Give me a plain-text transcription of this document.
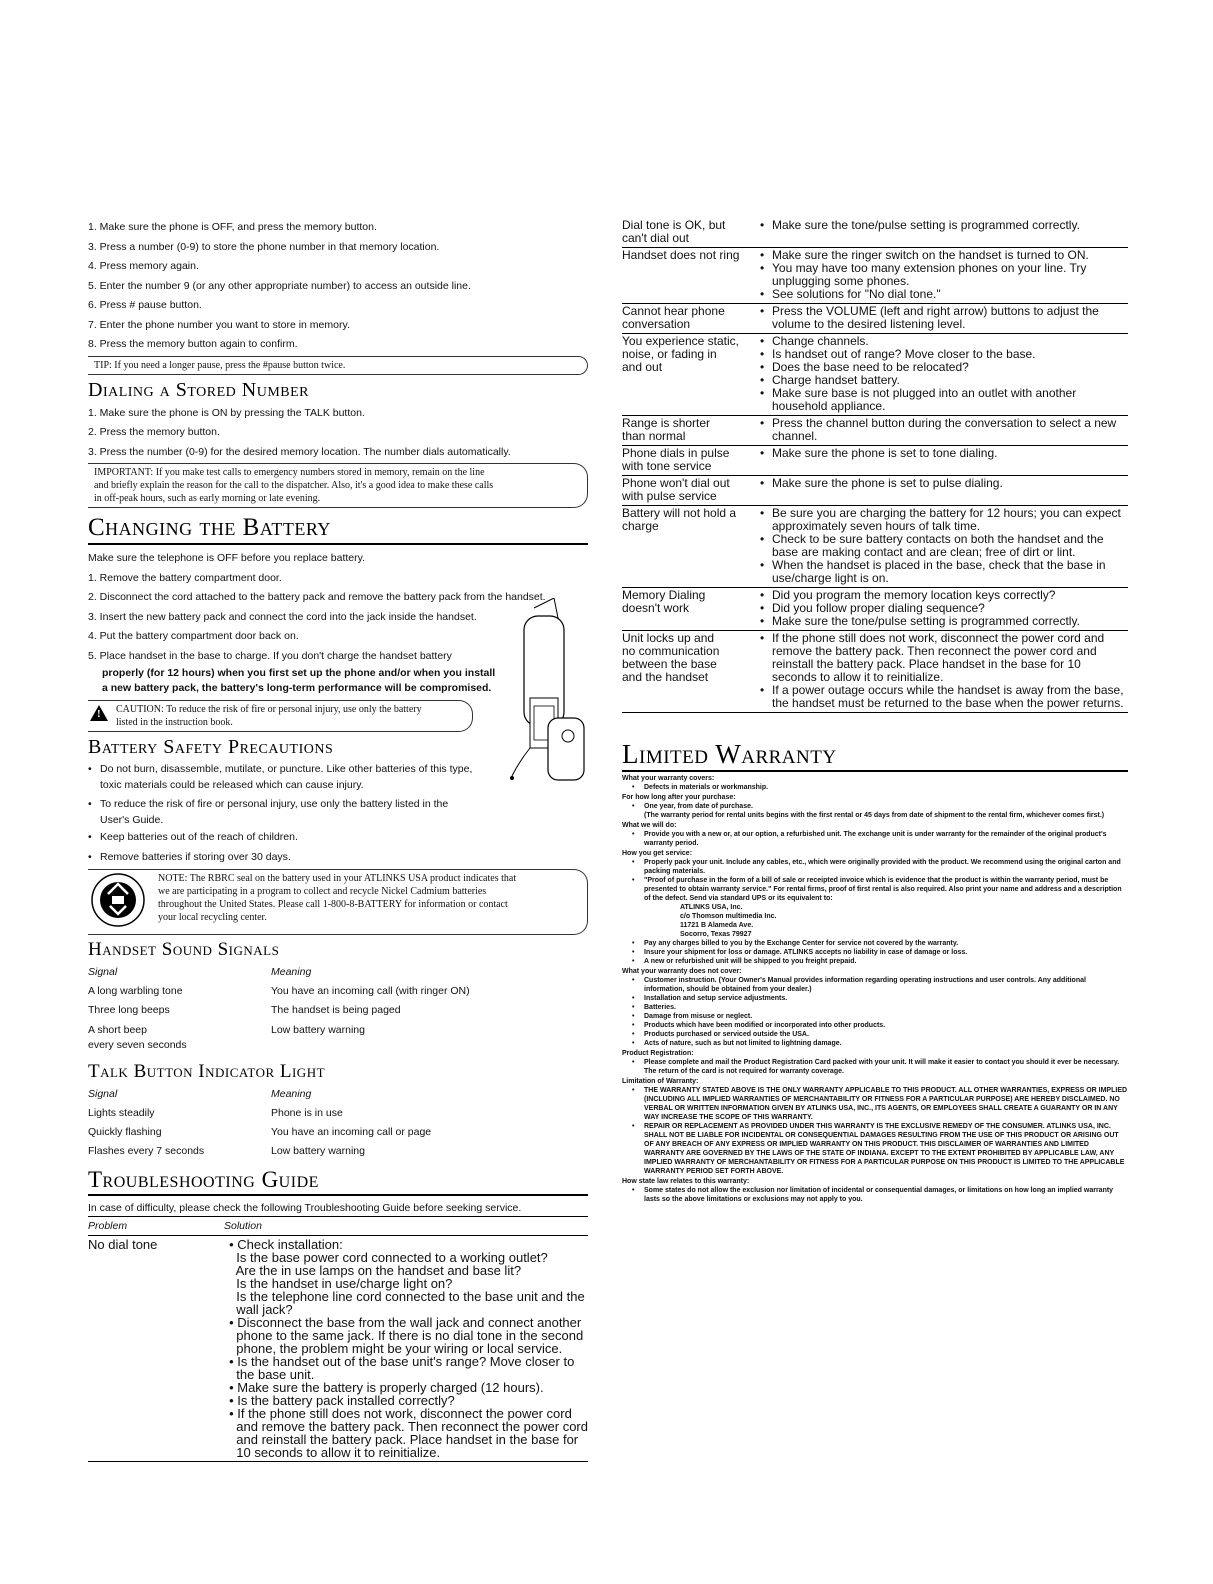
1. Make sure the phone is OFF, and press the memory button.
3. Press a number (0-9) to store the phone number in that memory location.
4. Press memory again.
5. Enter the number 9 (or any other appropriate number) to access an outside line.
6. Press # pause button.
7. Enter the phone number you want to store in memory.
8. Press the memory button again to confirm.
TIP: If you need a longer pause, press the #pause button twice.
Dialing a Stored Number
1. Make sure the phone is ON by pressing the TALK button.
2. Press the memory button.
3. Press the number (0-9) for the desired memory location. The number dials automatically.
IMPORTANT: If you make test calls to emergency numbers stored in memory, remain on the line
and briefly explain the reason for the call to the dispatcher. Also, it's a good idea to make these calls
in off-peak hours, such as early morning or late evening.
Changing the Battery
Make sure the telephone is OFF before you replace battery.
1. Remove the battery compartment door.
2. Disconnect the cord attached to the battery pack and remove the battery pack from the handset.
3. Insert the new battery pack and connect the cord into the jack inside the handset.
4. Put the battery compartment door back on.
5. Place handset in the base to charge. If you don't charge the handset battery
properly (for 12 hours) when you first set up the phone and/or when you install
a new battery pack, the battery's long-term performance will be compromised.
!
CAUTION: To reduce the risk of fire or personal injury, use only the battery
listed in the instruction book.
Battery Safety Precautions
• Do not burn, disassemble, mutilate, or puncture. Like other batteries of this type,
toxic materials could be released which can cause injury.
• To reduce the risk of fire or personal injury, use only the battery listed in the
User's Guide.
• Keep batteries out of the reach of children.
• Remove batteries if storing over 30 days.
NOTE: The RBRC seal on the battery used in your ATLINKS USA product indicates that
we are participating in a program to collect and recycle Nickel Cadmium batteries
throughout the United States. Please call 1-800-8-BATTERY for information or contact
your local recycling center.
Handset Sound Signals
Signal	Meaning
A long warbling tone	You have an incoming call (with ringer ON)
Three long beeps	The handset is being paged
A short beep	Low battery warning
every seven seconds
Talk Button Indicator Light
Signal	Meaning
Lights steadily	Phone is in use
Quickly flashing	You have an incoming call or page
Flashes every 7 seconds	Low battery warning
Troubleshooting Guide
In case of difficulty, please check the following Troubleshooting Guide before seeking service.
Problem	Solution
No dial tone	• Check installation:
Is the base power cord connected to a working outlet?
Are the in use lamps on the handset and base lit?
Is the handset in use/charge light on?
Is the telephone line cord connected to the base unit and the
wall jack?
• Disconnect the base from the wall jack and connect another
phone to the same jack. If there is no dial tone in the second
phone, the problem might be your wiring or local service.
• Is the handset out of the base unit's range? Move closer to
the base unit.
• Make sure the battery is properly charged (12 hours).
• Is the battery pack installed correctly?
• If the phone still does not work, disconnect the power cord
and remove the battery pack. Then reconnect the power cord
and reinstall the battery pack. Place handset in the base for
10 seconds to allow it to reinitialize.
Dial tone is OK, but
can't dial out
• Make sure the tone/pulse setting is programmed correctly.
Handset does not ring
•	Make sure the ringer switch on the handset is turned to ON.
• You may have too many extension phones on your line. Try unplugging some phones.
• See solutions for "No dial tone."
Cannot hear phone
conversation
• Press the VOLUME (left and right arrow) buttons to adjust the volume to the desired listening level.
You experience static,
noise, or fading in
and out
• Change channels.
• Is handset out of range? Move closer to the base.
• Does the base need to be relocated?
• Charge handset battery.
• Make sure base is not plugged into an outlet with another household appliance.
Range is shorter
than normal
• Press the channel button during the conversation to select a new channel.
Phone dials in pulse
with tone service
• Make sure the phone is set to tone dialing.
Phone won't dial out
with pulse service
• Make sure the phone is set to pulse dialing.
Battery will not hold a
charge
• Be sure you are charging the battery for 12 hours; you can expect approximately seven hours of talk time.
• Check to be sure battery contacts on both the handset and the base are making contact and are clean; free of dirt or lint.
• When the handset is placed in the base, check that the base in use/charge light is on.
Memory Dialing
doesn't work
• Did you program the memory location keys correctly?
• Did you follow proper dialing sequence?
• Make sure the tone/pulse setting is programmed correctly.
Unit locks up and
no communication
between the base
and the handset
• If the phone still does not work, disconnect the power cord and remove the battery pack. Then reconnect the power cord and reinstall the battery pack. Place handset in the base for 10 seconds to allow it to reinitialize.
• If a power outage occurs while the handset is away from the base, the handset must be returned to the base when the power returns.
Limited Warranty
What your warranty covers:
• Defects in materials or workmanship.
For how long after your purchase:
• One year, from date of purchase.
(The warranty period for rental units begins with the first rental or 45 days from date of shipment to the rental firm, whichever comes first.)
What we will do:
• Provide you with a new or, at our option, a refurbished unit. The exchange unit is under warranty for the remainder of the original product's warranty period.
How you get service:
• Properly pack your unit. Include any cables, etc., which were originally provided with the product. We recommend using the original carton and packing materials.
• "Proof of purchase in the form of a bill of sale or receipted invoice which is evidence that the product is within the warranty period, must be presented to obtain warranty service." For rental firms, proof of first rental is also required. Also print your name and address and a description of the defect. Send via standard UPS or its equivalent to:
ATLINKS USA, Inc.
c/o Thomson multimedia Inc.
11721 B Alameda Ave.
Socorro, Texas 79927
• Pay any charges billed to you by the Exchange Center for service not covered by the warranty.
• Insure your shipment for loss or damage. ATLINKS accepts no liability in case of damage or loss.
• A new or refurbished unit will be shipped to you freight prepaid.
What your warranty does not cover:
• Customer instruction. (Your Owner's Manual provides information regarding operating instructions and user controls. Any additional information, should be obtained from your dealer.)
• Installation and setup service adjustments.
• Batteries.
• Damage from misuse or neglect.
• Products which have been modified or incorporated into other products.
• Products purchased or serviced outside the USA.
• Acts of nature, such as but not limited to lightning damage.
Product Registration:
• Please complete and mail the Product Registration Card packed with your unit. It will make it easier to contact you should it ever be necessary. The return of the card is not required for warranty coverage.
Limitation of Warranty:
• THE WARRANTY STATED ABOVE IS THE ONLY WARRANTY APPLICABLE TO THIS PRODUCT. ALL OTHER WARRANTIES, EXPRESS OR IMPLIED (INCLUDING ALL IMPLIED WARRANTIES OF MERCHANTABILITY OR FITNESS FOR A PARTICULAR PURPOSE) ARE HEREBY DISCLAIMED. NO VERBAL OR WRITTEN INFORMATION GIVEN BY ATLINKS USA, INC., ITS AGENTS, OR EMPLOYEES SHALL CREATE A GUARANTY OR IN ANY WAY INCREASE THE SCOPE OF THIS WARRANTY.
• REPAIR OR REPLACEMENT AS PROVIDED UNDER THIS WARRANTY IS THE EXCLUSIVE REMEDY OF THE CONSUMER. ATLINKS USA, INC. SHALL NOT BE LIABLE FOR INCIDENTAL OR CONSEQUENTIAL DAMAGES RESULTING FROM THE USE OF THIS PRODUCT OR ARISING OUT OF ANY BREACH OF ANY EXPRESS OR IMPLIED WARRANTY ON THIS PRODUCT. THIS DISCLAIMER OF WARRANTIES AND LIMITED WARRANTY ARE GOVERNED BY THE LAWS OF THE STATE OF INDIANA. EXCEPT TO THE EXTENT PROHIBITED BY APPLICABLE LAW, ANY IMPLIED WARRANTY OF MERCHANTABILITY OR FITNESS FOR A PARTICULAR PURPOSE ON THIS PRODUCT IS LIMITED TO THE APPLICABLE WARRANTY PERIOD SET FORTH ABOVE.
How state law relates to this warranty:
• Some states do not allow the exclusion nor limitation of incidental or consequential damages, or limitations on how long an implied warranty lasts so the above limitations or exclusions may not apply to you.
